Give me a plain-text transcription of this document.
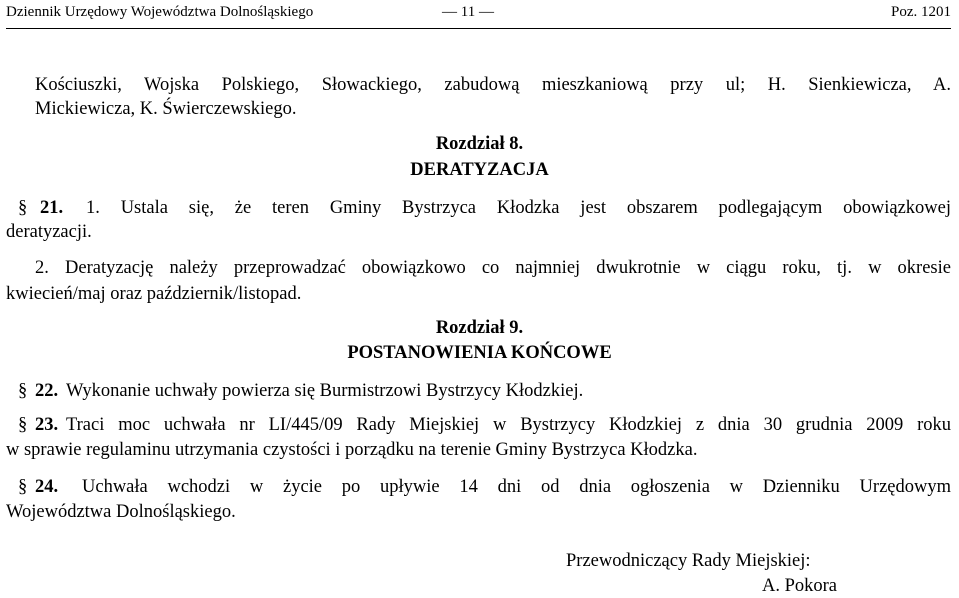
Dziennik Urzędowy Województwa Dolnośląskiego	— 11 —	Poz. 1201
Kościuszki, Wojska Polskiego, Słowackiego, zabudową mieszkaniową przy ul; H. Sienkiewicza, A.
Mickiewicza, K. Świerczewskiego.
Rozdział 8.
DERATYZACJA
§ 21. 1. Ustala się, że teren Gminy Bystrzyca Kłodzka jest obszarem podlegającym obowiązkowej
deratyzacji.
2. Deratyzację należy przeprowadzać obowiązkowo co najmniej dwukrotnie w ciągu roku, tj. w okresie
kwiecień/maj oraz październik/listopad.
Rozdział 9.
POSTANOWIENIA KOŃCOWE
§ 22. Wykonanie uchwały powierza się Burmistrzowi Bystrzycy Kłodzkiej.
§ 23. Traci moc uchwała nr LI/445/09 Rady Miejskiej w Bystrzycy Kłodzkiej z dnia 30 grudnia 2009 roku
w sprawie regulaminu utrzymania czystości i porządku na terenie Gminy Bystrzyca Kłodzka.
§ 24. Uchwała wchodzi w życie po upływie 14 dni od dnia ogłoszenia w Dzienniku Urzędowym
Województwa Dolnośląskiego.
Przewodniczący Rady Miejskiej:
A. Pokora
